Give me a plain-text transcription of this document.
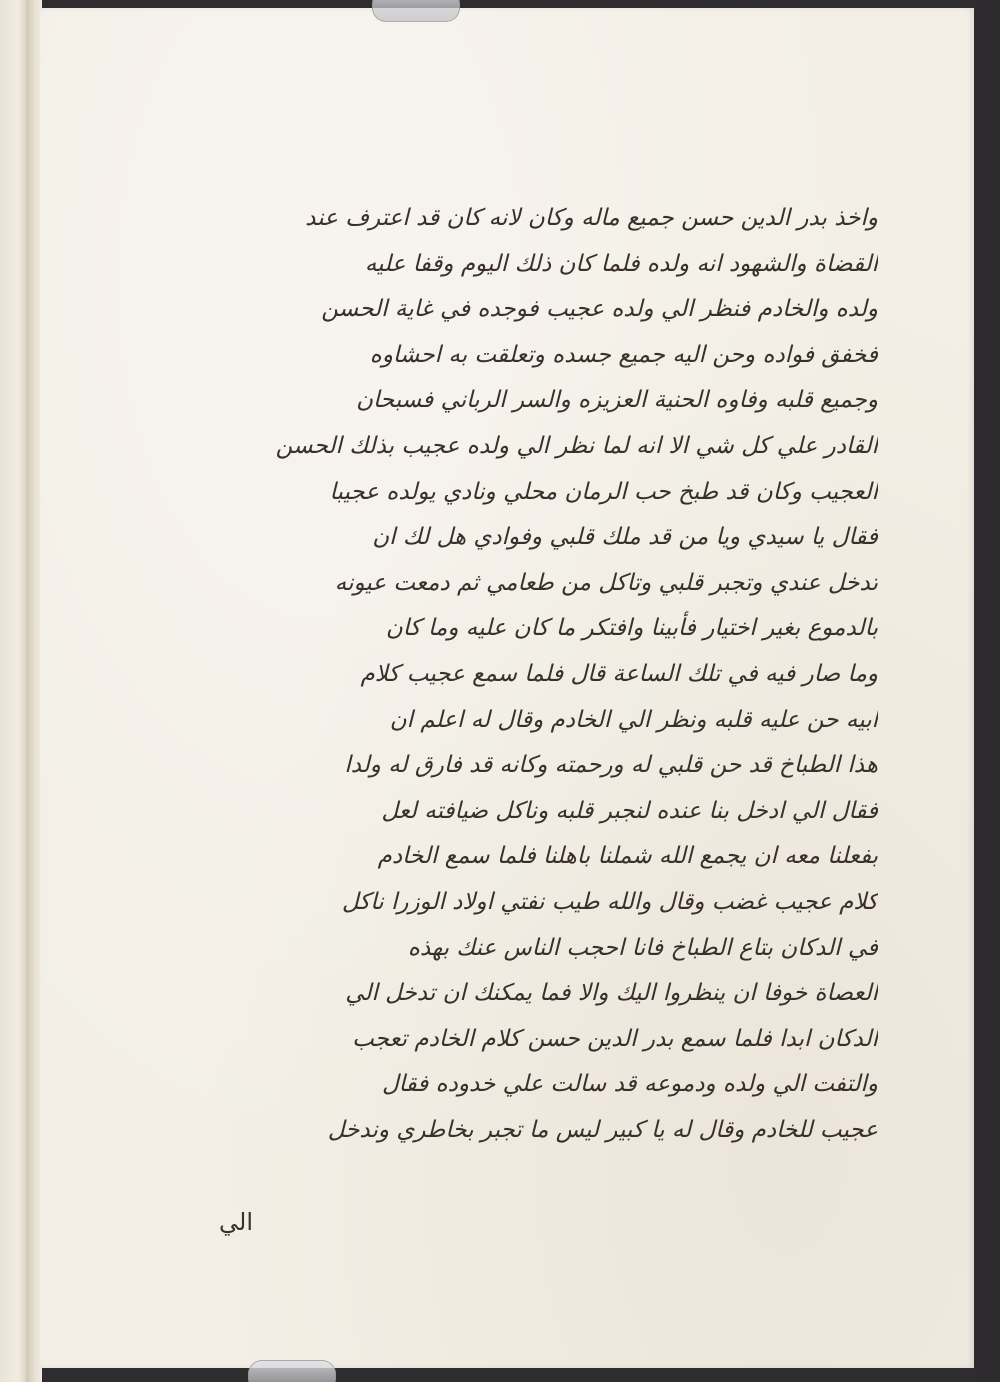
واخذ بدر الدين حسن جميع ماله وكان لانه كان قد اعترف عند
القضاة والشهود انه ولده فلما كان ذلك اليوم وقفا عليه
ولده والخادم فنظر الي ولده عجيب فوجده في غاية الحسن
فخفق فواده وحن اليه جميع جسده وتعلقت به احشاوه
وجميع قلبه وفاوه الحنية العزيزه والسر الرباني فسبحان
القادر علي كل شي الا انه لما نظر الي ولده عجيب بذلك الحسن
العجيب وكان قد طبخ حب الرمان محلي ونادي يولده عجيبا
فقال يا سيدي ويا من قد ملك قلبي وفوادي هل لك ان
تدخل عندي وتجبر قلبي وتاكل من طعامي ثم دمعت عيونه
بالدموع بغير اختيار فأبينا وافتكر ما كان عليه وما كان
وما صار فيه في تلك الساعة قال فلما سمع عجيب كلام
ابيه حن عليه قلبه ونظر الي الخادم وقال له اعلم ان
هذا الطباخ قد حن قلبي له ورحمته وكانه قد فارق له ولدا
فقال الي ادخل بنا عنده لنجبر قلبه وناكل ضيافته لعل
بفعلنا معه ان يجمع الله شملنا باهلنا فلما سمع الخادم
كلام عجيب غضب وقال والله طيب نفتي اولاد الوزرا ناكل
في الدكان بتاع الطباخ فانا احجب الناس عنك بهذه
العصاة خوفا ان ينظروا اليك والا فما يمكنك ان تدخل الي
الدكان ابدا فلما سمع بدر الدين حسن كلام الخادم تعجب
والتفت الي ولده ودموعه قد سالت علي خدوده فقال
عجيب للخادم وقال له يا كبير ليس ما تجبر بخاطري وندخل
الي
